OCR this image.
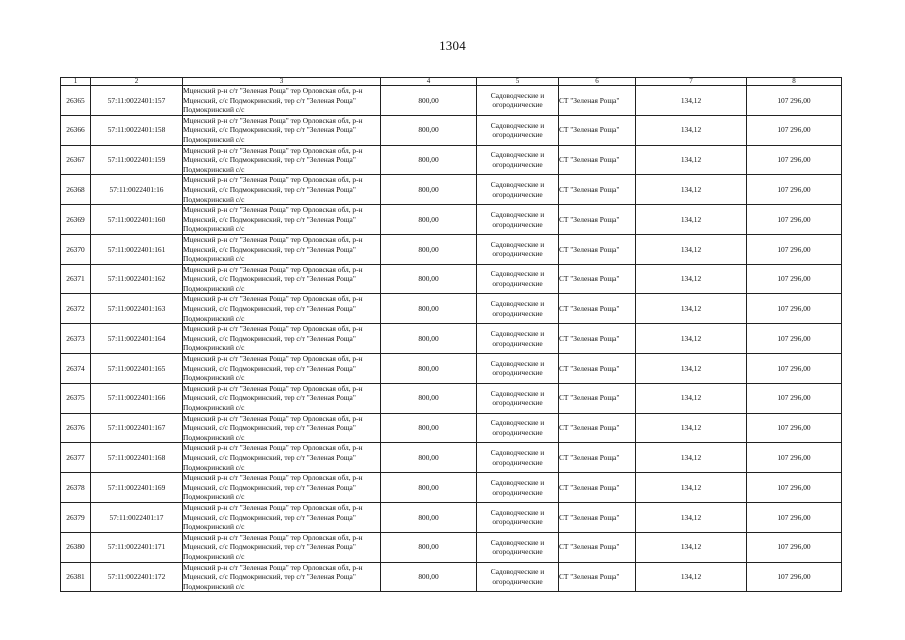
1304
1	2	3	4	5	6	7	8
26365	57:11:0022401:157	Мценский р-н с/т "Зеленая Роща" тер Орловская обл, р-н
Мценский, с/с Подмокринский, тер с/т "Зеленая Роща"
Подмокринский с/с	800,00	Садоводческие и огороднические	СТ "Зеленая Роща"	134,12	107 296,00
26366	57:11:0022401:158	Мценский р-н с/т "Зеленая Роща" тер Орловская обл, р-н
Мценский, с/с Подмокринский, тер с/т "Зеленая Роща"
Подмокринский с/с	800,00	Садоводческие и огороднические	СТ "Зеленая Роща"	134,12	107 296,00
26367	57:11:0022401:159	Мценский р-н с/т "Зеленая Роща" тер Орловская обл, р-н
Мценский, с/с Подмокринский, тер с/т "Зеленая Роща"
Подмокринский с/с	800,00	Садоводческие и огороднические	СТ "Зеленая Роща"	134,12	107 296,00
26368	57:11:0022401:16	Мценский р-н с/т "Зеленая Роща" тер Орловская обл, р-н
Мценский, с/с Подмокринский, тер с/т "Зеленая Роща"
Подмокринский с/с	800,00	Садоводческие и огороднические	СТ "Зеленая Роща"	134,12	107 296,00
26369	57:11:0022401:160	Мценский р-н с/т "Зеленая Роща" тер Орловская обл, р-н
Мценский, с/с Подмокринский, тер с/т "Зеленая Роща"
Подмокринский с/с	800,00	Садоводческие и огороднические	СТ "Зеленая Роща"	134,12	107 296,00
26370	57:11:0022401:161	Мценский р-н с/т "Зеленая Роща" тер Орловская обл, р-н
Мценский, с/с Подмокринский, тер с/т "Зеленая Роща"
Подмокринский с/с	800,00	Садоводческие и огороднические	СТ "Зеленая Роща"	134,12	107 296,00
26371	57:11:0022401:162	Мценский р-н с/т "Зеленая Роща" тер Орловская обл, р-н
Мценский, с/с Подмокринский, тер с/т "Зеленая Роща"
Подмокринский с/с	800,00	Садоводческие и огороднические	СТ "Зеленая Роща"	134,12	107 296,00
26372	57:11:0022401:163	Мценский р-н с/т "Зеленая Роща" тер Орловская обл, р-н
Мценский, с/с Подмокринский, тер с/т "Зеленая Роща"
Подмокринский с/с	800,00	Садоводческие и огороднические	СТ "Зеленая Роща"	134,12	107 296,00
26373	57:11:0022401:164	Мценский р-н с/т "Зеленая Роща" тер Орловская обл, р-н
Мценский, с/с Подмокринский, тер с/т "Зеленая Роща"
Подмокринский с/с	800,00	Садоводческие и огороднические	СТ "Зеленая Роща"	134,12	107 296,00
26374	57:11:0022401:165	Мценский р-н с/т "Зеленая Роща" тер Орловская обл, р-н
Мценский, с/с Подмокринский, тер с/т "Зеленая Роща"
Подмокринский с/с	800,00	Садоводческие и огороднические	СТ "Зеленая Роща"	134,12	107 296,00
26375	57:11:0022401:166	Мценский р-н с/т "Зеленая Роща" тер Орловская обл, р-н
Мценский, с/с Подмокринский, тер с/т "Зеленая Роща"
Подмокринский с/с	800,00	Садоводческие и огороднические	СТ "Зеленая Роща"	134,12	107 296,00
26376	57:11:0022401:167	Мценский р-н с/т "Зеленая Роща" тер Орловская обл, р-н
Мценский, с/с Подмокринский, тер с/т "Зеленая Роща"
Подмокринский с/с	800,00	Садоводческие и огороднические	СТ "Зеленая Роща"	134,12	107 296,00
26377	57:11:0022401:168	Мценский р-н с/т "Зеленая Роща" тер Орловская обл, р-н
Мценский, с/с Подмокринский, тер с/т "Зеленая Роща"
Подмокринский с/с	800,00	Садоводческие и огороднические	СТ "Зеленая Роща"	134,12	107 296,00
26378	57:11:0022401:169	Мценский р-н с/т "Зеленая Роща" тер Орловская обл, р-н
Мценский, с/с Подмокринский, тер с/т "Зеленая Роща"
Подмокринский с/с	800,00	Садоводческие и огороднические	СТ "Зеленая Роща"	134,12	107 296,00
26379	57:11:0022401:17	Мценский р-н с/т "Зеленая Роща" тер Орловская обл, р-н
Мценский, с/с Подмокринский, тер с/т "Зеленая Роща"
Подмокринский с/с	800,00	Садоводческие и огороднические	СТ "Зеленая Роща"	134,12	107 296,00
26380	57:11:0022401:171	Мценский р-н с/т "Зеленая Роща" тер Орловская обл, р-н
Мценский, с/с Подмокринский, тер с/т "Зеленая Роща"
Подмокринский с/с	800,00	Садоводческие и огороднические	СТ "Зеленая Роща"	134,12	107 296,00
26381	57:11:0022401:172	Мценский р-н с/т "Зеленая Роща" тер Орловская обл, р-н
Мценский, с/с Подмокринский, тер с/т "Зеленая Роща"
Подмокринский с/с	800,00	Садоводческие и огороднические	СТ "Зеленая Роща"	134,12	107 296,00
